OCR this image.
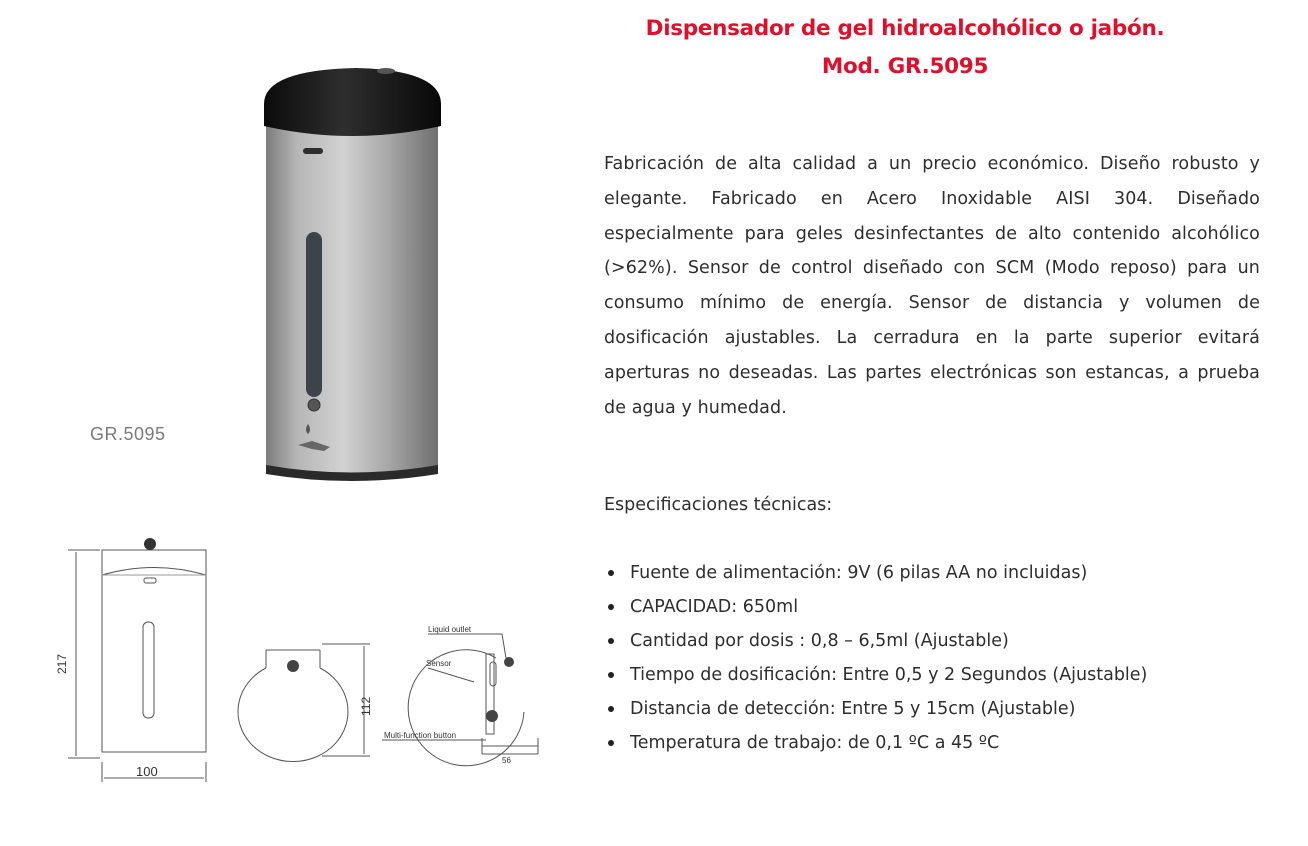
Dispensador de gel hidroalcohólico o jabón.
Mod. GR.5095
GR.5095
217
100
112
Liquid outlet
Sensor
Multi-function button
56
Fabricación de alta calidad a un precio económico. Diseño robusto y elegante. Fabricado en Acero Inoxidable AISI 304. Diseñado especialmente para geles desinfectantes de alto contenido alcohólico (>62%). Sensor de control diseñado con SCM (Modo reposo) para un consumo mínimo de energía. Sensor de distancia y volumen de dosificación ajustables. La cerradura en la parte superior evitará aperturas no deseadas. Las partes electrónicas son estancas, a prueba de agua y humedad.
Especificaciones técnicas:
Fuente de alimentación: 9V (6 pilas AA no incluidas)
CAPACIDAD: 650ml
Cantidad por dosis : 0,8 – 6,5ml (Ajustable)
Tiempo de dosificación: Entre 0,5 y 2 Segundos (Ajustable)
Distancia de detección: Entre 5 y 15cm (Ajustable)
Temperatura de trabajo: de 0,1 ºC a 45 ºC
